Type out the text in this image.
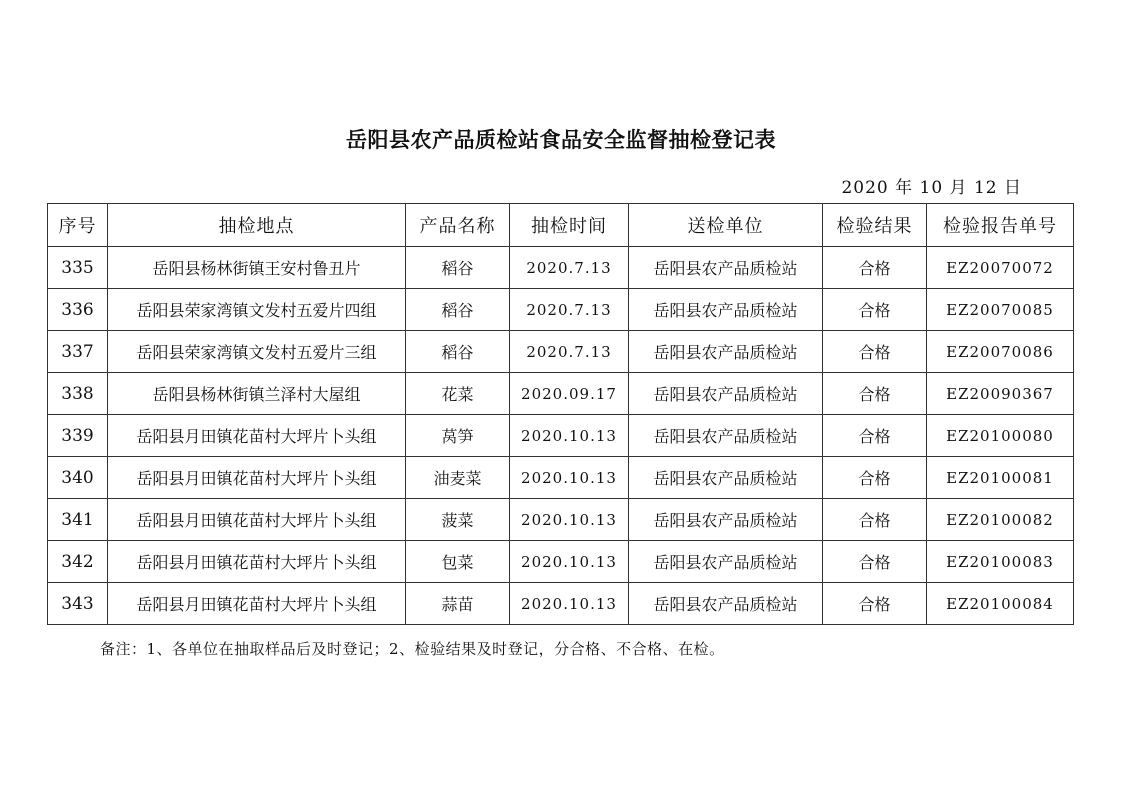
岳阳县农产品质检站食品安全监督抽检登记表
2020 年 10 月 12 日
序号	抽检地点	产品名称	抽检时间	送检单位	检验结果	检验报告单号
335	岳阳县杨林街镇王安村鲁丑片	稻谷	2020.7.13	岳阳县农产品质检站	合格	EZ20070072
336	岳阳县荣家湾镇文发村五爱片四组	稻谷	2020.7.13	岳阳县农产品质检站	合格	EZ20070085
337	岳阳县荣家湾镇文发村五爱片三组	稻谷	2020.7.13	岳阳县农产品质检站	合格	EZ20070086
338	岳阳县杨林街镇兰泽村大屋组	花菜	2020.09.17	岳阳县农产品质检站	合格	EZ20090367
339	岳阳县月田镇花苗村大坪片卜头组	莴笋	2020.10.13	岳阳县农产品质检站	合格	EZ20100080
340	岳阳县月田镇花苗村大坪片卜头组	油麦菜	2020.10.13	岳阳县农产品质检站	合格	EZ20100081
341	岳阳县月田镇花苗村大坪片卜头组	菠菜	2020.10.13	岳阳县农产品质检站	合格	EZ20100082
342	岳阳县月田镇花苗村大坪片卜头组	包菜	2020.10.13	岳阳县农产品质检站	合格	EZ20100083
343	岳阳县月田镇花苗村大坪片卜头组	蒜苗	2020.10.13	岳阳县农产品质检站	合格	EZ20100084
备注：1、各单位在抽取样品后及时登记；2、检验结果及时登记，分合格、不合格、在检。
